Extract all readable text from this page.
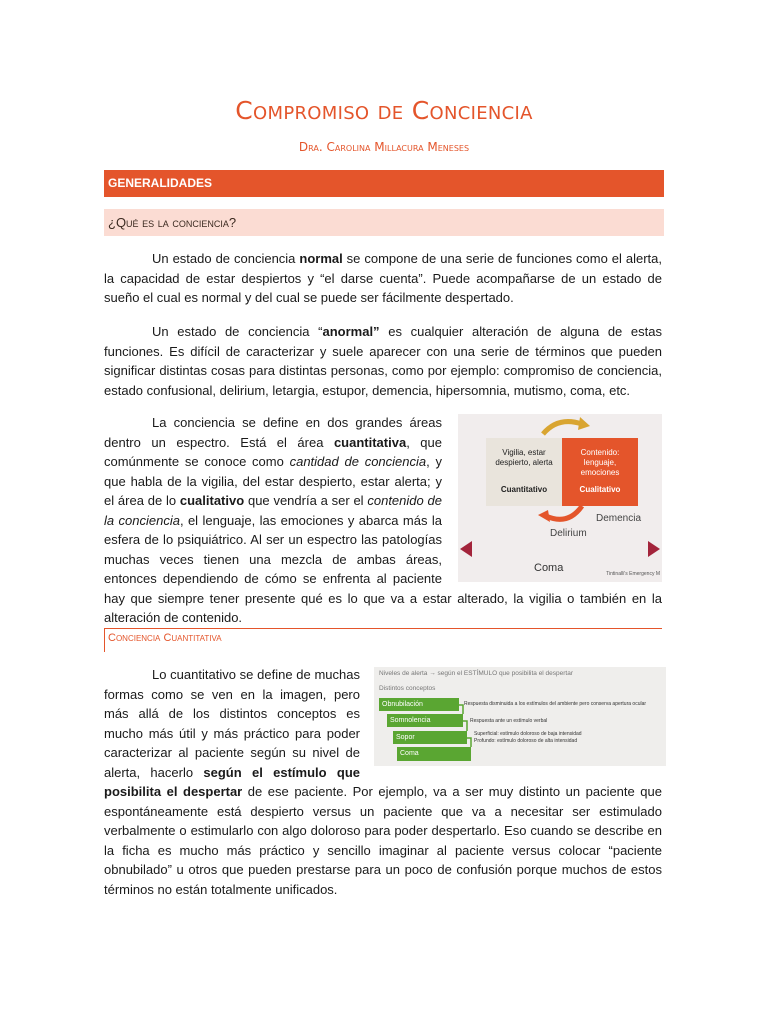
Compromiso de Conciencia
Dra. Carolina Millacura Meneses
GENERALIDADES
¿Qué es la conciencia?

Un estado de conciencia normal se compone de una serie de funciones como el alerta, la capacidad de estar despiertos y “el darse cuenta”. Puede acompañarse de un estado de sueño el cual es normal y del cual se puede ser fácilmente despertado.

Un estado de conciencia “anormal” es cualquier alteración de alguna de estas funciones. Es difícil de caracterizar y suele aparecer con una serie de términos que pueden significar distintas cosas para distintas personas, como por ejemplo: compromiso de conciencia, estado confusional, delirium, letargia, estupor, demencia, hipersomnia, mutismo, coma, etc.

La conciencia se define en dos grandes áreas dentro un espectro. Está el área cuantitativa, que comúnmente se conoce como cantidad de conciencia, y que habla de la vigilia, del estar despierto, estar alerta; y el área de lo cualitativo que vendría a ser el contenido de la conciencia, el lenguaje, las emociones y abarca más la esfera de lo psiquiátrico. Al ser un espectro las patologías muchas veces tienen una mezcla de ambas áreas, entonces dependiendo de cómo se enfrenta al paciente hay que siempre tener presente qué es lo que va a estar alterado, la vigilia o también en la alteración de contenido.

Vigilia, estar despierto, alerta
Cuantitativo
Contenido: lenguaje, emociones
Cualitativo
Demencia
Delirium
Coma	Tintinalli's Emergency M
Conciencia Cuantitativa

Lo cuantitativo se define de muchas formas como se ven en la imagen, pero más allá de los distintos conceptos es mucho más útil y más práctico para poder caracterizar al paciente según su nivel de alerta, hacerlo según el estímulo que posibilita el despertar de ese paciente. Por ejemplo, va a ser muy distinto un paciente que espontáneamente está despierto versus un paciente que va a necesitar ser estimulado verbalmente o estimularlo con algo doloroso para poder despertarlo. Eso cuando se describe en la ficha es mucho más práctico y sencillo imaginar al paciente versus colocar “paciente obnubilado” u otros que pueden prestarse para un poco de confusión porque muchos de estos términos no están totalmente unificados.

Niveles de alerta → según el ESTÍMULO que posibilita el despertar
Distintos conceptos
Obnubilación
Somnolencia
Sopor
Coma
Respuesta disminuida a los estímulos del ambiente pero conserva apertura ocular
Respuesta ante un estímulo verbal
Superficial: estímulo doloroso de baja intensidad
Profundo: estímulo doloroso de alta intensidad
